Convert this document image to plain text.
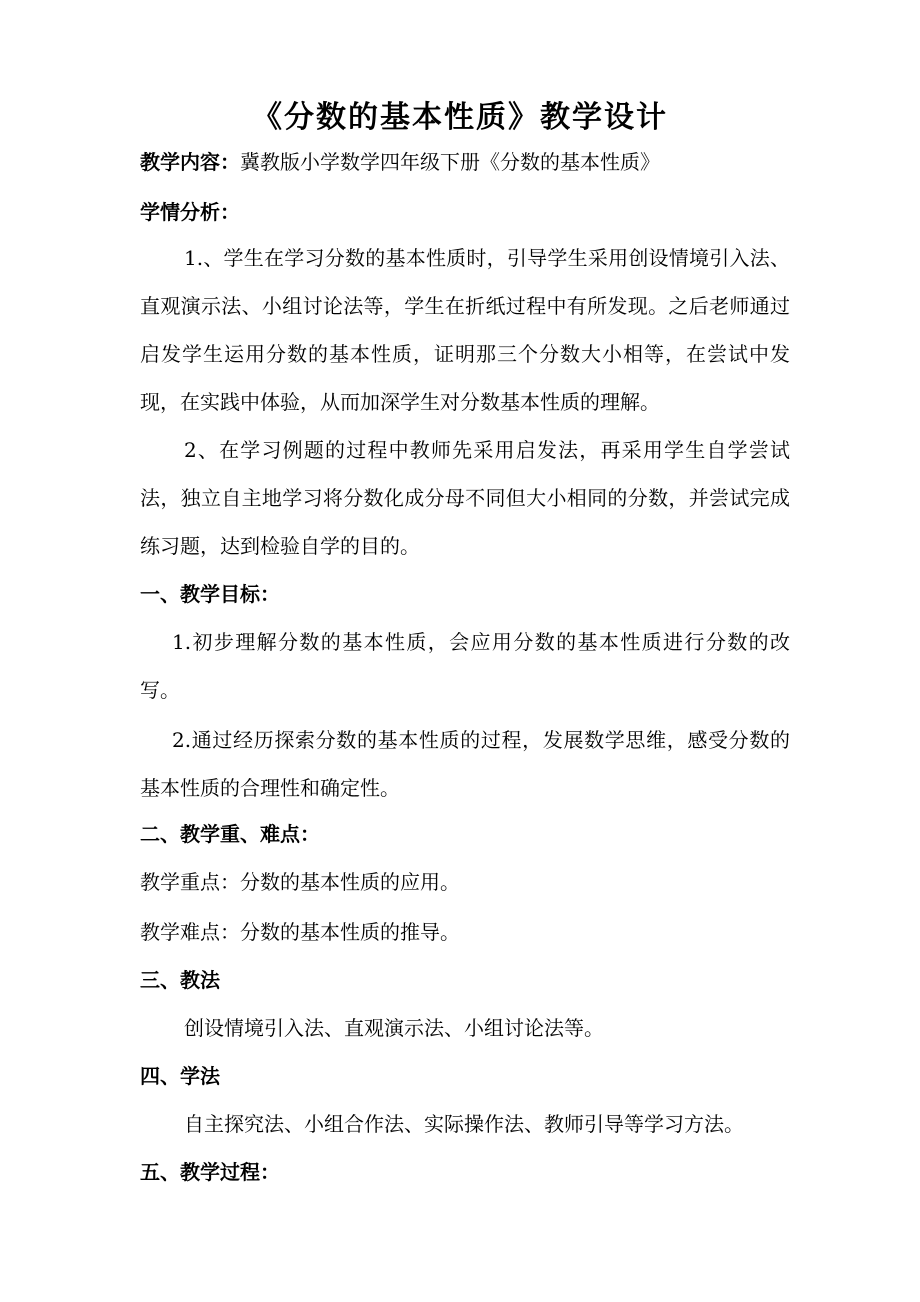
《分数的基本性质》教学设计
教学内容：冀教版小学数学四年级下册《分数的基本性质》
学情分析：
1.、学生在学习分数的基本性质时，引导学生采用创设情境引入法、直观演示法、小组讨论法等，学生在折纸过程中有所发现。之后老师通过启发学生运用分数的基本性质，证明那三个分数大小相等，在尝试中发现，在实践中体验，从而加深学生对分数基本性质的理解。
2、在学习例题的过程中教师先采用启发法，再采用学生自学尝试法，独立自主地学习将分数化成分母不同但大小相同的分数，并尝试完成练习题，达到检验自学的目的。
一、教学目标：
1.初步理解分数的基本性质，会应用分数的基本性质进行分数的改写。
2.通过经历探索分数的基本性质的过程，发展数学思维，感受分数的基本性质的合理性和确定性。
二、教学重、难点：
教学重点：分数的基本性质的应用。
教学难点：分数的基本性质的推导。
三、教法
创设情境引入法、直观演示法、小组讨论法等。
四、学法
自主探究法、小组合作法、实际操作法、教师引导等学习方法。
五、教学过程：
